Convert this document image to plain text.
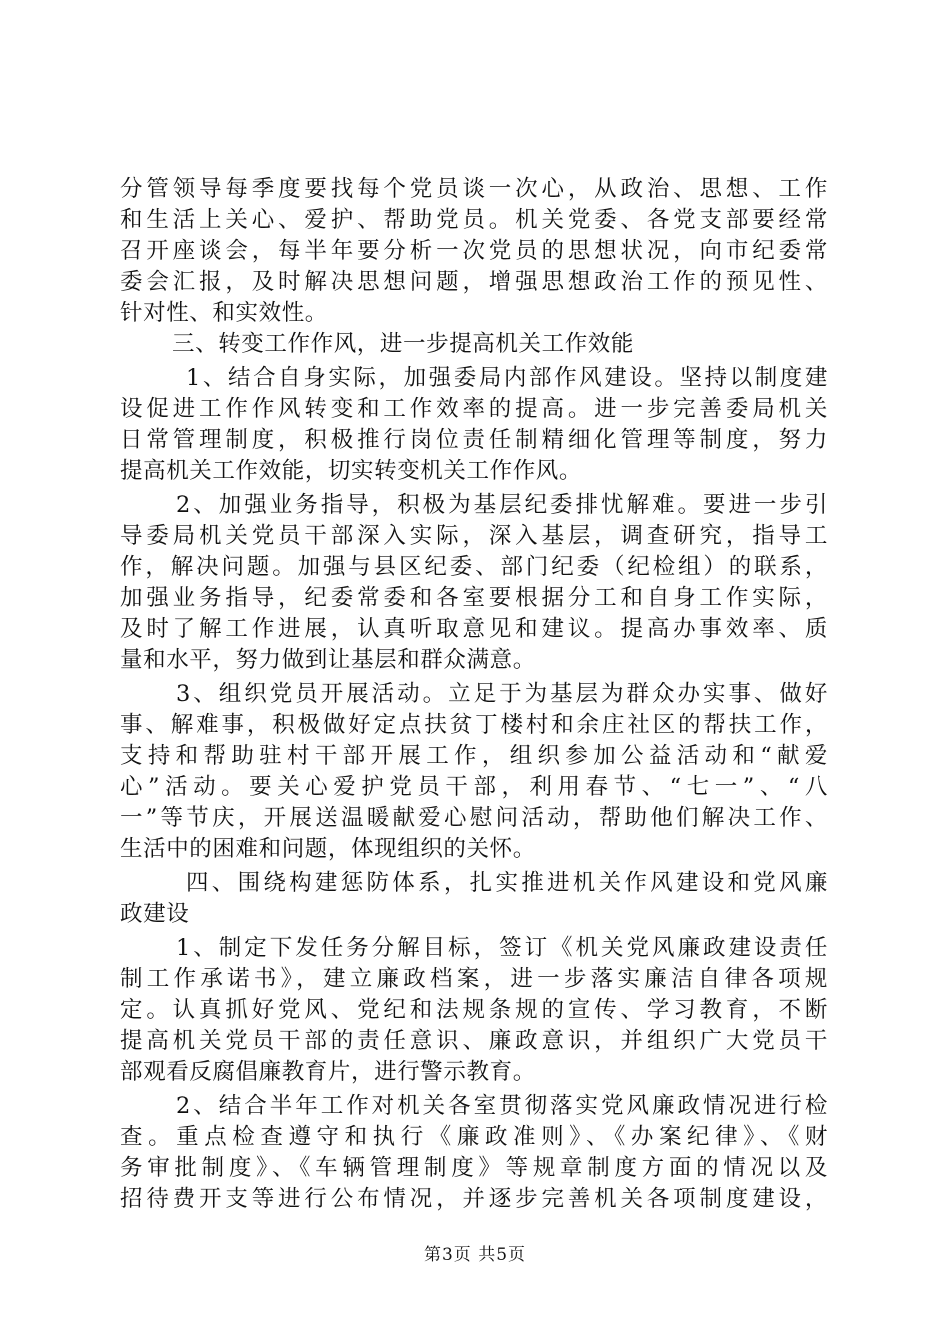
分管领导每季度要找每个党员谈一次心，从政治、思想、工作
和生活上关心、爱护、帮助党员。机关党委、各党支部要经常
召开座谈会，每半年要分析一次党员的思想状况，向市纪委常
委会汇报，及时解决思想问题，增强思想政治工作的预见性、
针对性、和实效性。
三、转变工作作风，进一步提高机关工作效能
1、结合自身实际，加强委局内部作风建设。坚持以制度建
设促进工作作风转变和工作效率的提高。进一步完善委局机关
日常管理制度，积极推行岗位责任制精细化管理等制度，努力
提高机关工作效能，切实转变机关工作作风。
2、加强业务指导，积极为基层纪委排忧解难。要进一步引
导委局机关党员干部深入实际，深入基层，调查研究，指导工
作，解决问题。加强与县区纪委、部门纪委（纪检组）的联系，
加强业务指导，纪委常委和各室要根据分工和自身工作实际，
及时了解工作进展，认真听取意见和建议。提高办事效率、质
量和水平，努力做到让基层和群众满意。
3、组织党员开展活动。立足于为基层为群众办实事、做好
事、解难事，积极做好定点扶贫丁楼村和余庄社区的帮扶工作，
支持和帮助驻村干部开展工作，组织参加公益活动和“献爱
心”活动。要关心爱护党员干部，利用春节、“七一”、“八
一”等节庆，开展送温暖献爱心慰问活动，帮助他们解决工作、
生活中的困难和问题，体现组织的关怀。
四、围绕构建惩防体系，扎实推进机关作风建设和党风廉
政建设
1、制定下发任务分解目标，签订《机关党风廉政建设责任
制工作承诺书》，建立廉政档案，进一步落实廉洁自律各项规
定。认真抓好党风、党纪和法规条规的宣传、学习教育，不断
提高机关党员干部的责任意识、廉政意识，并组织广大党员干
部观看反腐倡廉教育片，进行警示教育。
2、结合半年工作对机关各室贯彻落实党风廉政情况进行检
查。重点检查遵守和执行《廉政准则》、《办案纪律》、《财
务审批制度》、《车辆管理制度》等规章制度方面的情况以及
招待费开支等进行公布情况，并逐步完善机关各项制度建设，
第3页 共5页
